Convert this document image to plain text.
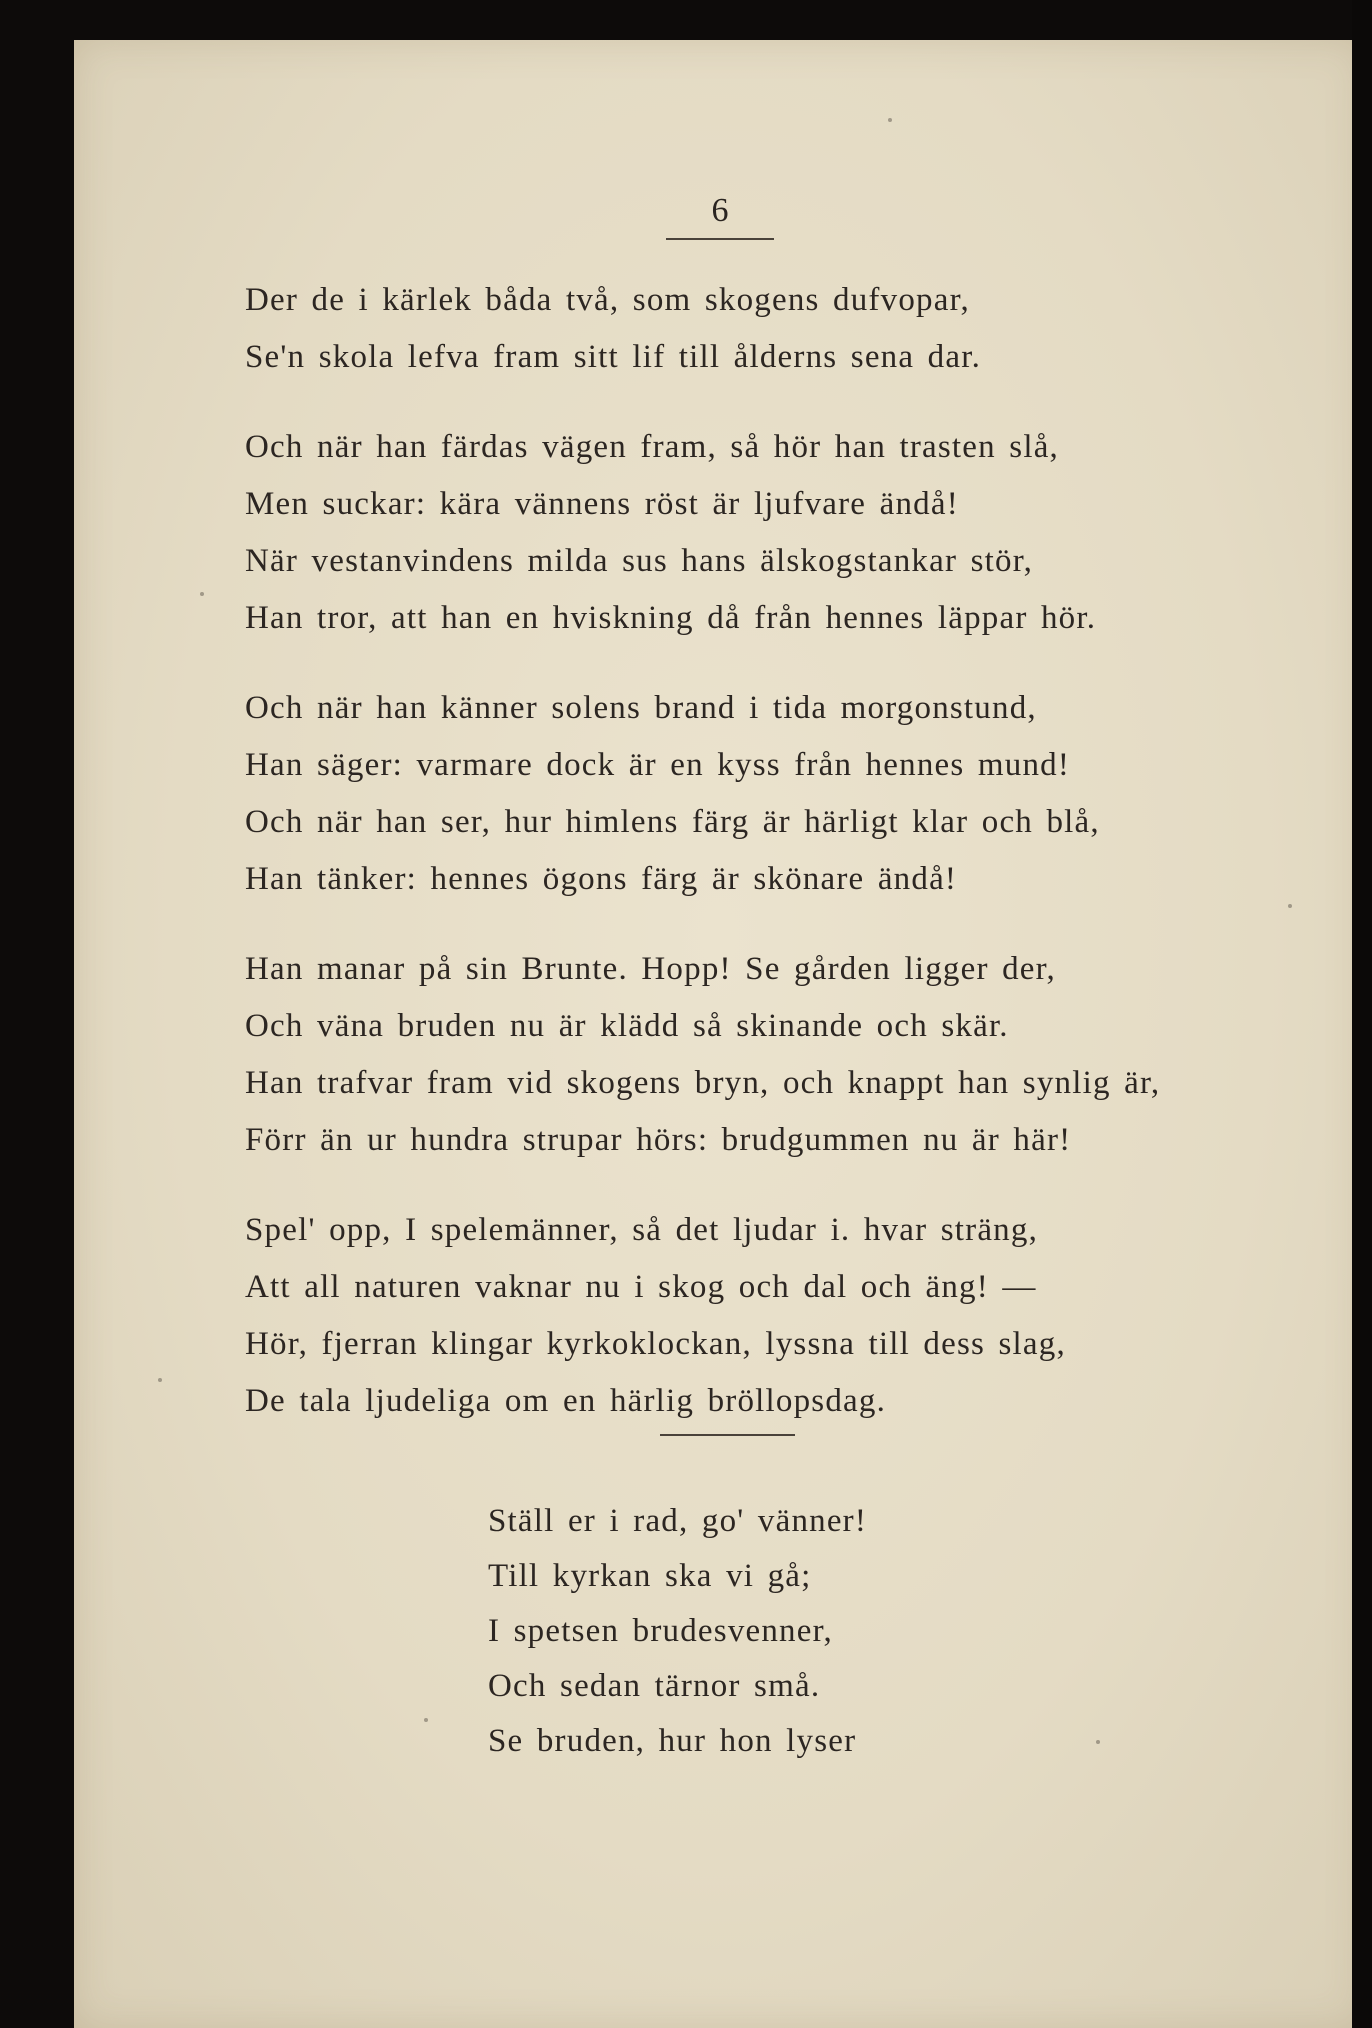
6
Der de i kärlek båda två, som skogens dufvopar,
Se'n skola lefva fram sitt lif till ålderns sena dar.
Och när han färdas vägen fram, så hör han trasten slå,
Men suckar: kära vännens röst är ljufvare ändå!
När vestanvindens milda sus hans älskogstankar stör,
Han tror, att han en hviskning då från hennes läppar hör.
Och när han känner solens brand i tida morgonstund,
Han säger: varmare dock är en kyss från hennes mund!
Och när han ser, hur himlens färg är härligt klar och blå,
Han tänker: hennes ögons färg är skönare ändå!
Han manar på sin Brunte. Hopp! Se gården ligger der,
Och väna bruden nu är klädd så skinande och skär.
Han trafvar fram vid skogens bryn, och knappt han synlig är,
Förr än ur hundra strupar hörs: brudgummen nu är här!
Spel' opp, I spelemänner, så det ljudar i. hvar sträng,
Att all naturen vaknar nu i skog och dal och äng! —
Hör, fjerran klingar kyrkoklockan, lyssna till dess slag,
De tala ljudeliga om en härlig bröllopsdag.
Ställ er i rad, go' vänner!
Till kyrkan ska vi gå;
I spetsen brudesvenner,
Och sedan tärnor små.
Se bruden, hur hon lyser
